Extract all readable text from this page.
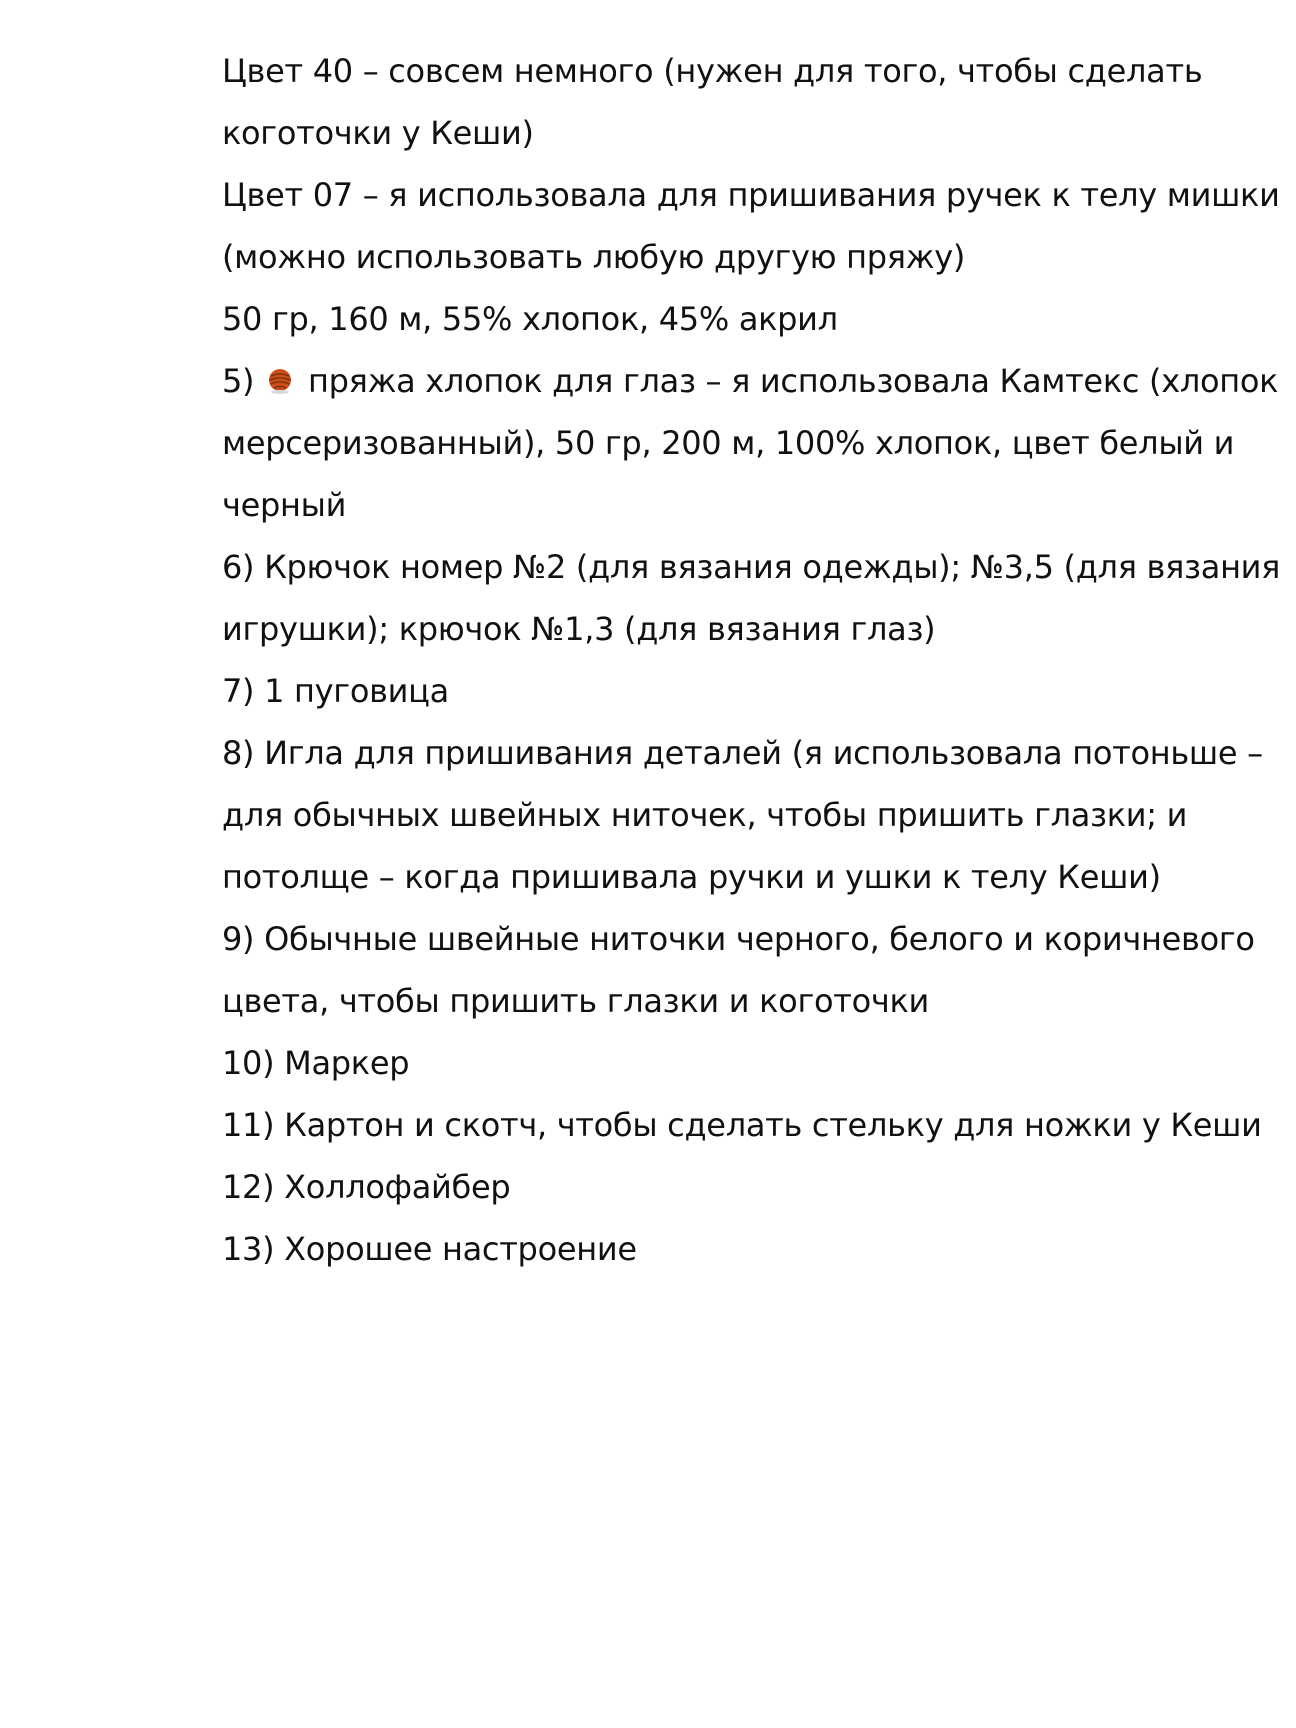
Цвет 40 – совсем немного (нужен для того, чтобы сделать
коготочки у Кеши)
Цвет 07 – я использовала для пришивания ручек к телу мишки
(можно использовать любую другую пряжу)
50 гр, 160 м, 55% хлопок, 45% акрил
5) пряжа хлопок для глаз – я использовала Камтекс (хлопок
мерсеризованный), 50 гр, 200 м, 100% хлопок, цвет белый и
черный
6) Крючок номер №2 (для вязания одежды); №3,5 (для вязания
игрушки); крючок №1,3 (для вязания глаз)
7) 1 пуговица
8) Игла для пришивания деталей (я использовала потоньше –
для обычных швейных ниточек, чтобы пришить глазки; и
потолще – когда пришивала ручки и ушки к телу Кеши)
9) Обычные швейные ниточки черного, белого и коричневого
цвета, чтобы пришить глазки и коготочки
10) Маркер
11) Картон и скотч, чтобы сделать стельку для ножки у Кеши
12) Холлофайбер
13) Хорошее настроение
